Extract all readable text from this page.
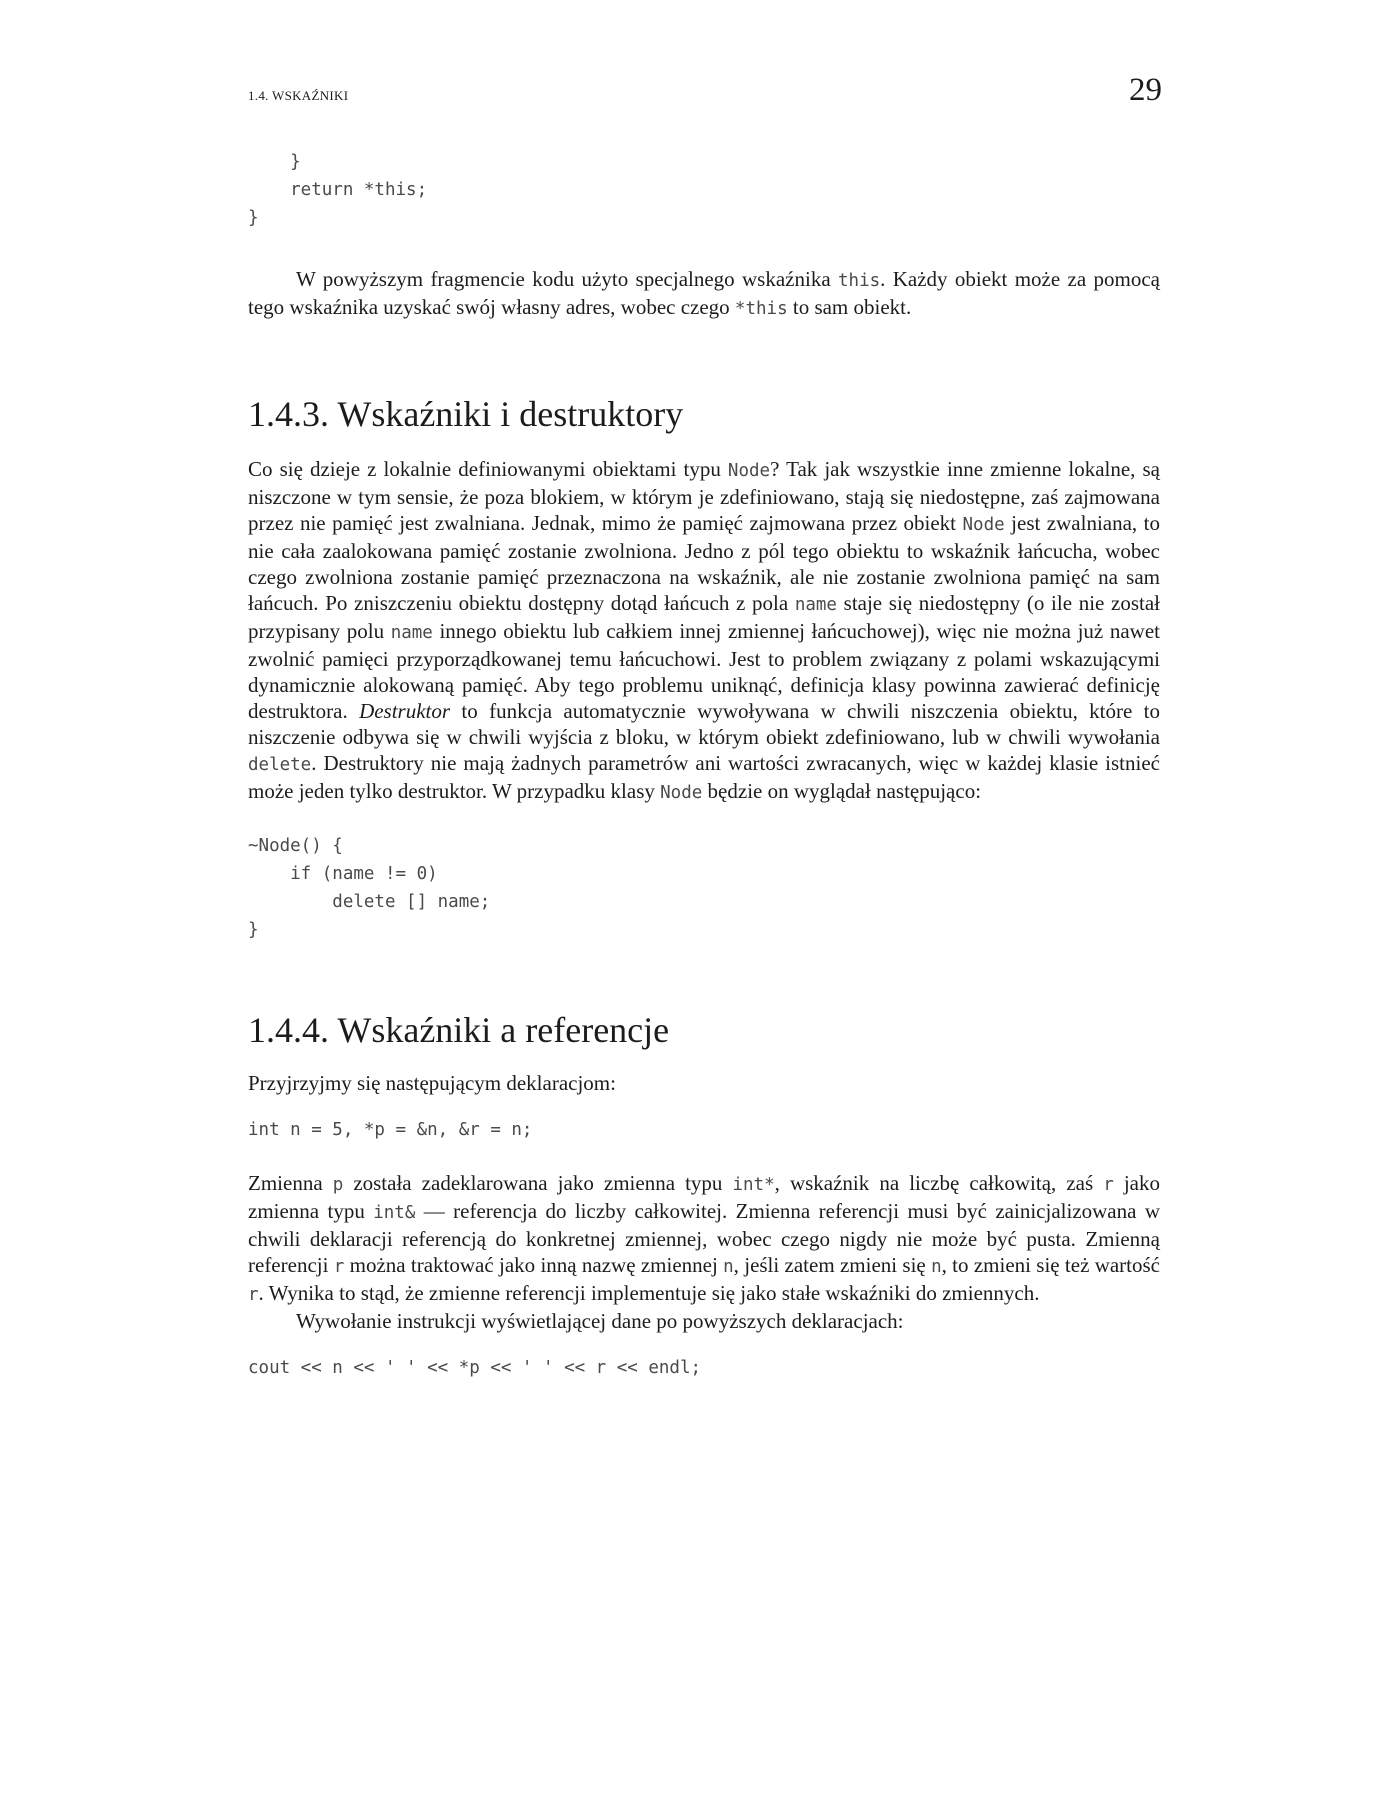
1.4. WSKAŹNIKI	29
}
return *this;
}

W powyższym fragmencie kodu użyto specjalnego wskaźnika this. Każdy obiekt może za pomocą tego wskaźnika uzyskać swój własny adres, wobec czego *this to sam obiekt.

1.4.3. Wskaźniki i destruktory

Co się dzieje z lokalnie definiowanymi obiektami typu Node? Tak jak wszystkie inne zmienne lokalne, są niszczone w tym sensie, że poza blokiem, w którym je zdefiniowano, stają się niedostępne, zaś zajmowana przez nie pamięć jest zwalniana. Jednak, mimo że pamięć zajmowana przez obiekt Node jest zwalniana, to nie cała zaalokowana pamięć zostanie zwolniona. Jedno z pól tego obiektu to wskaźnik łańcucha, wobec czego zwolniona zostanie pamięć przeznaczona na wskaźnik, ale nie zostanie zwolniona pamięć na sam łańcuch. Po zniszczeniu obiektu dostępny dotąd łańcuch z pola name staje się niedostępny (o ile nie został przypisany polu name innego obiektu lub całkiem innej zmiennej łańcuchowej), więc nie można już nawet zwolnić pamięci przyporządkowanej temu łańcuchowi. Jest to problem związany z polami wskazującymi dynamicznie alokowaną pamięć. Aby tego problemu uniknąć, definicja klasy powinna zawierać definicję destruktora. Destruktor to funkcja automatycznie wywoływana w chwili niszczenia obiektu, które to niszczenie odbywa się w chwili wyjścia z bloku, w którym obiekt zdefiniowano, lub w chwili wywołania delete. Destruktory nie mają żadnych parametrów ani wartości zwracanych, więc w każdej klasie istnieć może jeden tylko destruktor. W przypadku klasy Node będzie on wyglądał następująco:

~Node() {
if (name != 0)
delete [] name;
}
1.4.4. Wskaźniki a referencje

Przyjrzyjmy się następującym deklaracjom:

int n = 5, *p = &n, &r = n;

Zmienna p została zadeklarowana jako zmienna typu int*, wskaźnik na liczbę całkowitą, zaś r jako zmienna typu int& — referencja do liczby całkowitej. Zmienna referencji musi być zainicjalizowana w chwili deklaracji referencją do konkretnej zmiennej, wobec czego nigdy nie może być pusta. Zmienną referencji r można traktować jako inną nazwę zmiennej n, jeśli zatem zmieni się n, to zmieni się też wartość r. Wynika to stąd, że zmienne referencji implementuje się jako stałe wskaźniki do zmiennych.

Wywołanie instrukcji wyświetlającej dane po powyższych deklaracjach:

cout << n << ' ' << *p << ' ' << r << endl;
